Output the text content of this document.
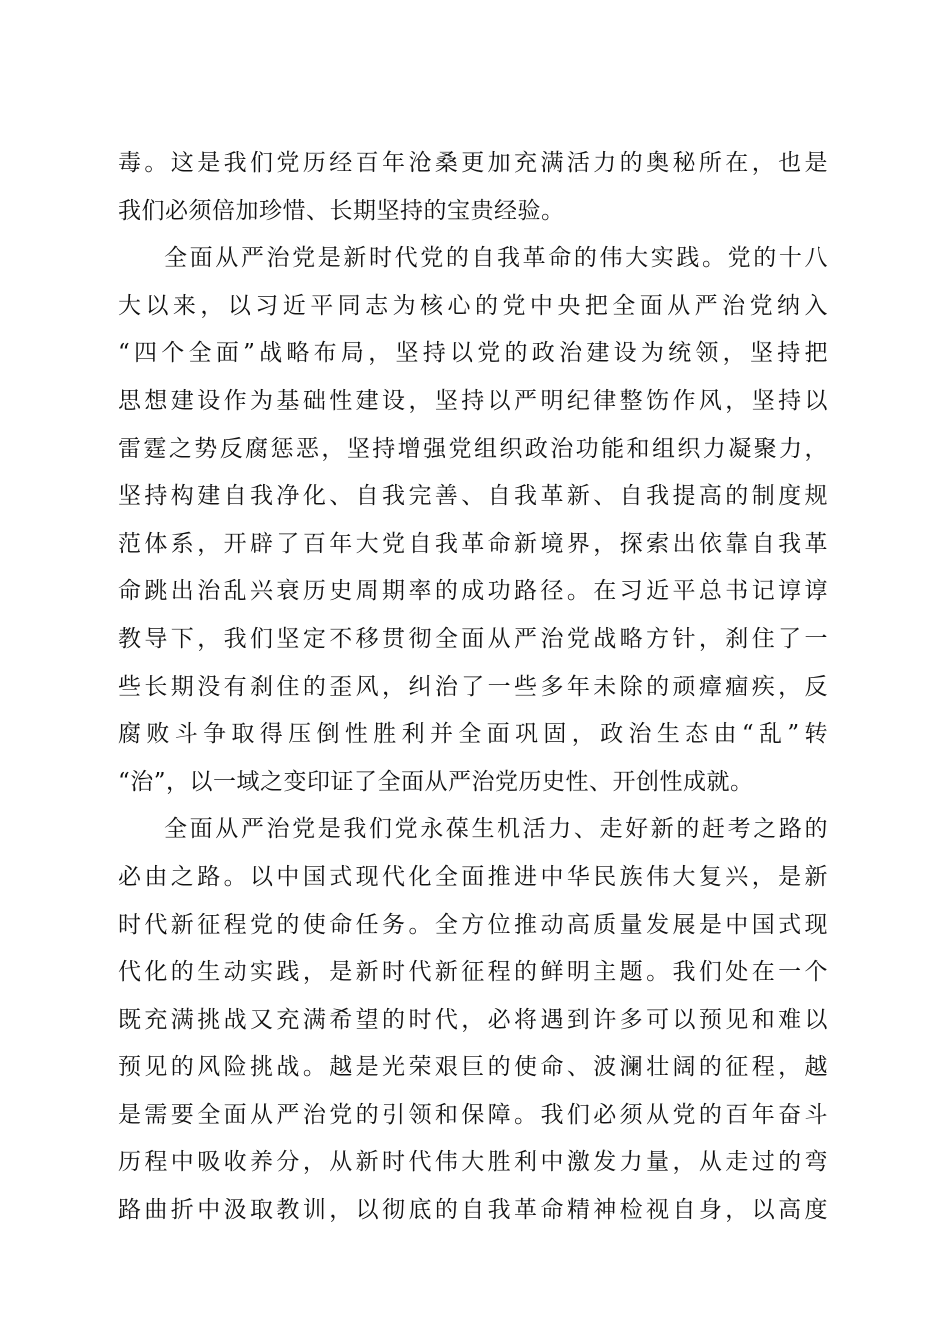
毒。这是我们党历经百年沧桑更加充满活力的奥秘所在，也是
我们必须倍加珍惜、长期坚持的宝贵经验。
全面从严治党是新时代党的自我革命的伟大实践。党的十八
大以来，以习近平同志为核心的党中央把全面从严治党纳入
“四个全面”战略布局，坚持以党的政治建设为统领，坚持把
思想建设作为基础性建设，坚持以严明纪律整饬作风，坚持以
雷霆之势反腐惩恶，坚持增强党组织政治功能和组织力凝聚力，
坚持构建自我净化、自我完善、自我革新、自我提高的制度规
范体系，开辟了百年大党自我革命新境界，探索出依靠自我革
命跳出治乱兴衰历史周期率的成功路径。在习近平总书记谆谆
教导下，我们坚定不移贯彻全面从严治党战略方针，刹住了一
些长期没有刹住的歪风，纠治了一些多年未除的顽瘴痼疾，反
腐败斗争取得压倒性胜利并全面巩固，政治生态由“乱”转
“治”，以一域之变印证了全面从严治党历史性、开创性成就。
全面从严治党是我们党永葆生机活力、走好新的赶考之路的
必由之路。以中国式现代化全面推进中华民族伟大复兴，是新
时代新征程党的使命任务。全方位推动高质量发展是中国式现
代化的生动实践，是新时代新征程的鲜明主题。我们处在一个
既充满挑战又充满希望的时代，必将遇到许多可以预见和难以
预见的风险挑战。越是光荣艰巨的使命、波澜壮阔的征程，越
是需要全面从严治党的引领和保障。我们必须从党的百年奋斗
历程中吸收养分，从新时代伟大胜利中激发力量，从走过的弯
路曲折中汲取教训，以彻底的自我革命精神检视自身，以高度
